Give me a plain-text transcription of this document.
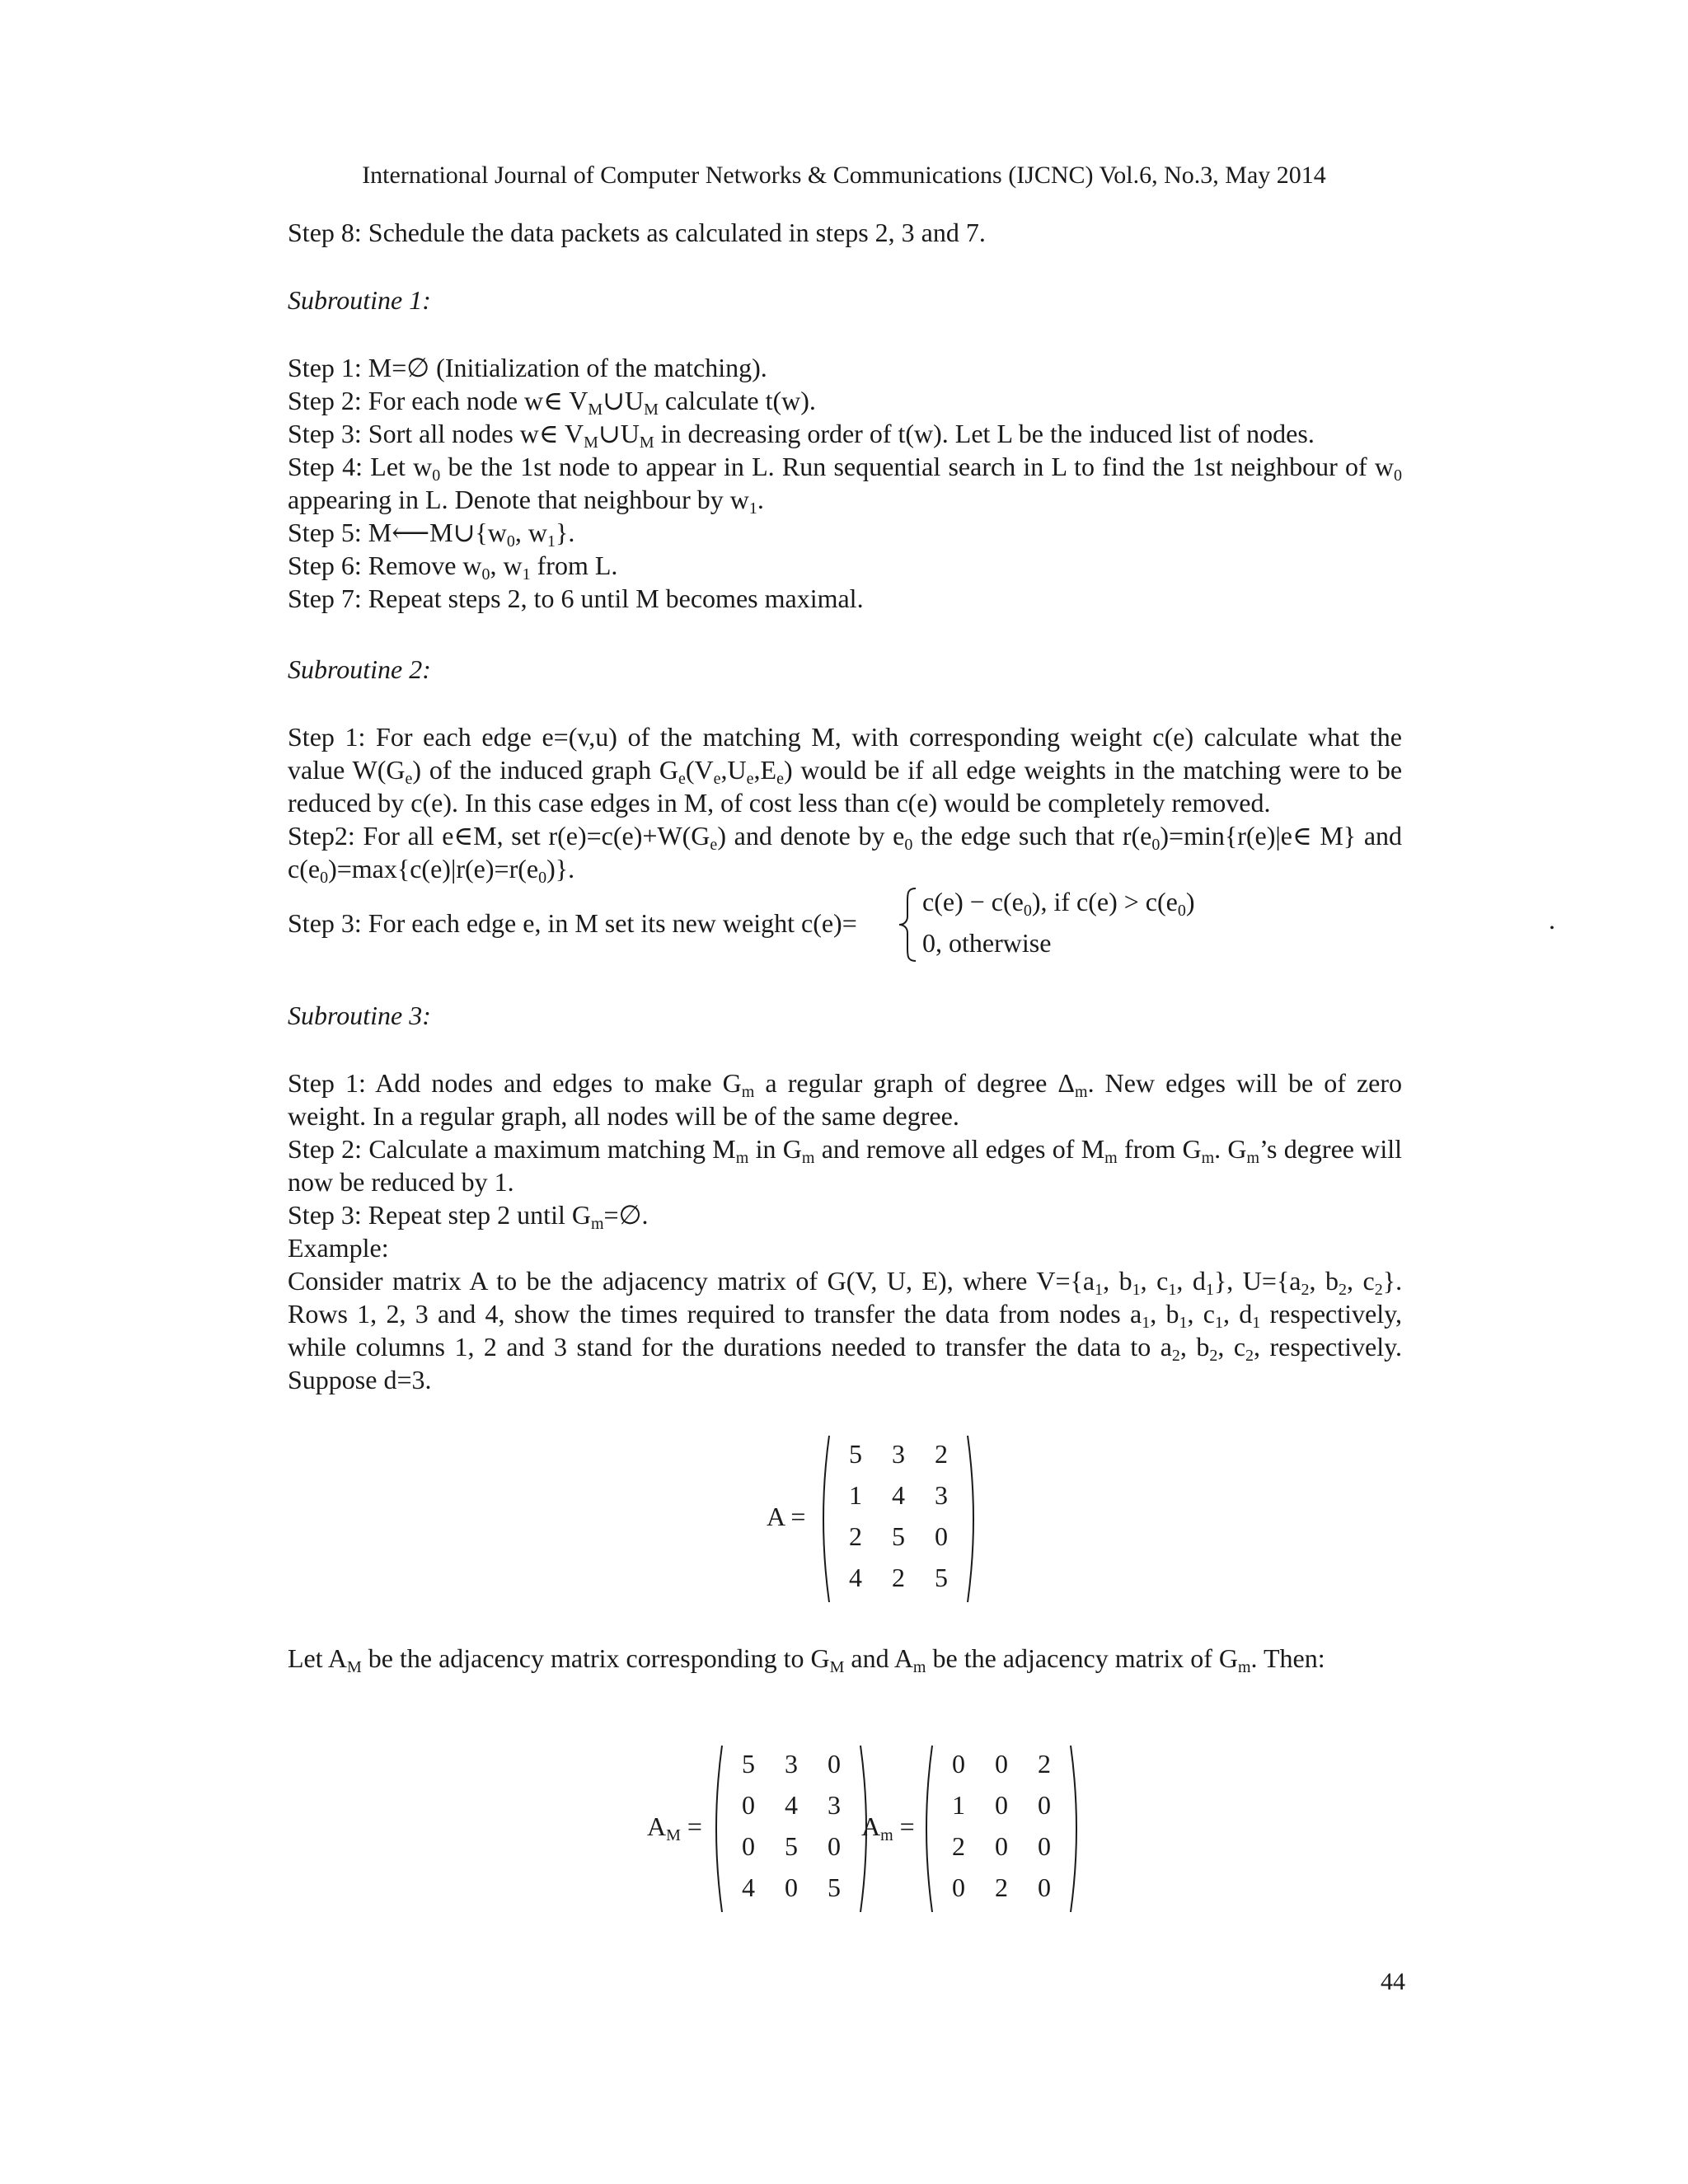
International Journal of Computer Networks & Communications (IJCNC) Vol.6, No.3, May 2014

Step 8: Schedule the data packets as calculated in steps 2, 3 and 7.

Subroutine 1:

Step 1: M=∅ (Initialization of the matching).

Step 2: For each node w∈ $V_M\cup U_M$ calculate t(w).

Step 3: Sort all nodes w∈ $V_M\cup U_M$ in decreasing order of t(w). Let L be the induced list of nodes.

Step 4: Let $w_0$ be the 1st node to appear in L. Run sequential search in L to find the 1st neighbour of $w_0$ appearing in L. Denote that neighbour by $w_1$.

Step 5: $M⟵M\cup\{w_0$, $w_1$}.

Step 6: Remove $w_0$, $w_1$ from L.

Step 7: Repeat steps 2, to 6 until M becomes maximal.

Subroutine 2:

Step 1: For each edge e=(v,u) of the matching M, with corresponding weight c(e) calculate what the value $W(G_e)$ of the induced graph $G_e(V_e,U_e,E_e)$ would be if all edge weights in the matching were to be reduced by c(e). In this case edges in M, of cost less than c(e) would be completely removed.

Step2: For all e∈M, set $r(e)=c(e)+W(G_e)$ and denote by $e_0$ the edge such that $r(e_0)=\min\{r(e)|e\in$ M} and $c(e_0)=\max\{c(e)|r(e)=r(e_0)\}$.

Step 3: For each edge e, in M set its new weight c(e)=
$c(e) - c(e_0)$, if $c(e) > c(e_0)$
0, otherwise
.

Subroutine 3:

Step 1: Add nodes and edges to make $G_m$ a regular graph of degree $\Delta_m$. New edges will be of zero weight. In a regular graph, all nodes will be of the same degree.

Step 2: Calculate a maximum matching $M_m$ in $G_m$ and remove all edges of $M_m$ from $G_m$. $G_m’s$ degree will now be reduced by 1.

Step 3: Repeat step 2 until $G_m=\emptyset$.

Example:

Consider matrix A to be the adjacency matrix of G(V, U, E), where $V=\{a_1$, $b_1$, $c_1$, $d_1$}, $U=\{a_2$, $b_2$, $c_2$}. Rows 1, 2, 3 and 4, show the times required to transfer the data from nodes $a_1$, $b_1$, $c_1$, $d_1$ respectively, while columns 1, 2 and 3 stand for the durations needed to transfer the data to $a_2$, $b_2$, $c_2$, respectively. Suppose d=3.

A =
5	3	2
1	4	3
2	5	0
4	2	5

Let $A_M$ be the adjacency matrix corresponding to $G_M$ and $A_m$ be the adjacency matrix of $G_m$. Then:

$A_M$ =
5	3	0
0	4	3
0	5	0
4	0	5
$A_m$ =
0	0	2
1	0	0
2	0	0
0	2	0
44
